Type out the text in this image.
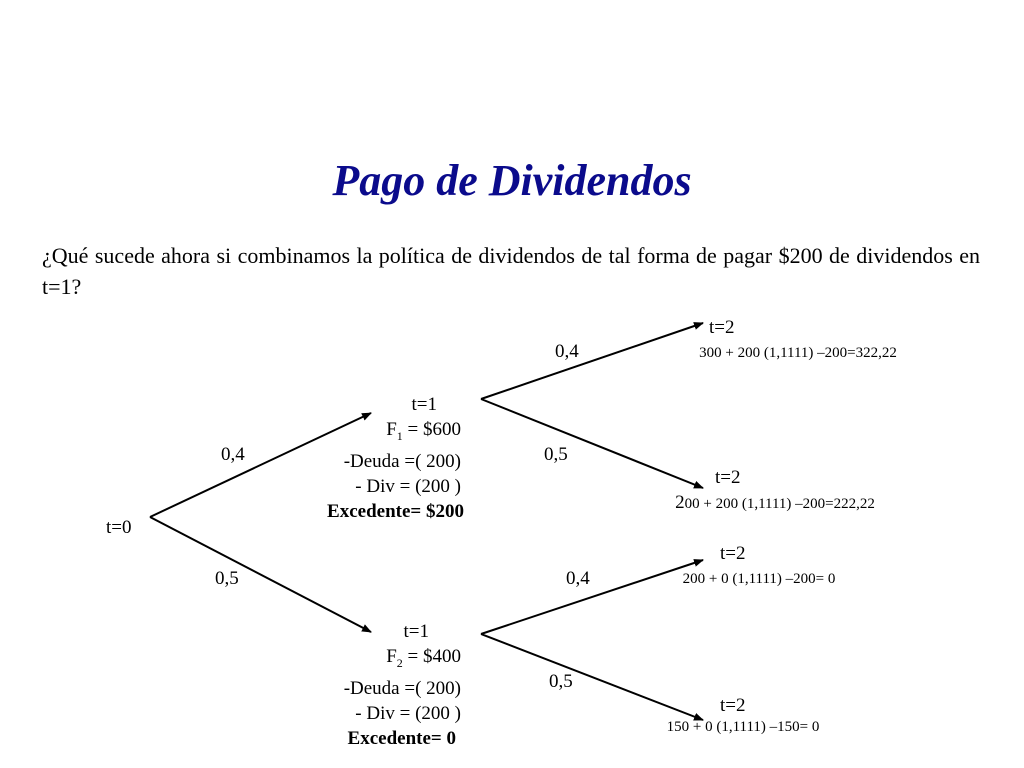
Pago de Dividendos
¿Qué sucede ahora si combinamos la política de dividendos de tal forma de pagar $200 de dividendos en t=1?
t=0
0,4
0,5
t=1
$F_1$ = $600
-Deuda =( 200)
- Div = (200 )
Excedente= $200
t=1
$F_2$ = $400
-Deuda =( 200)
- Div = (200 )
Excedente= 0
0,4
0,5
0,4
0,5
t=2
300 + 200 (1,1111) –200=322,22
t=2
200 + 200 (1,1111) –200=222,22
t=2
200 + 0 (1,1111) –200= 0
t=2
150 + 0 (1,1111) –150= 0
